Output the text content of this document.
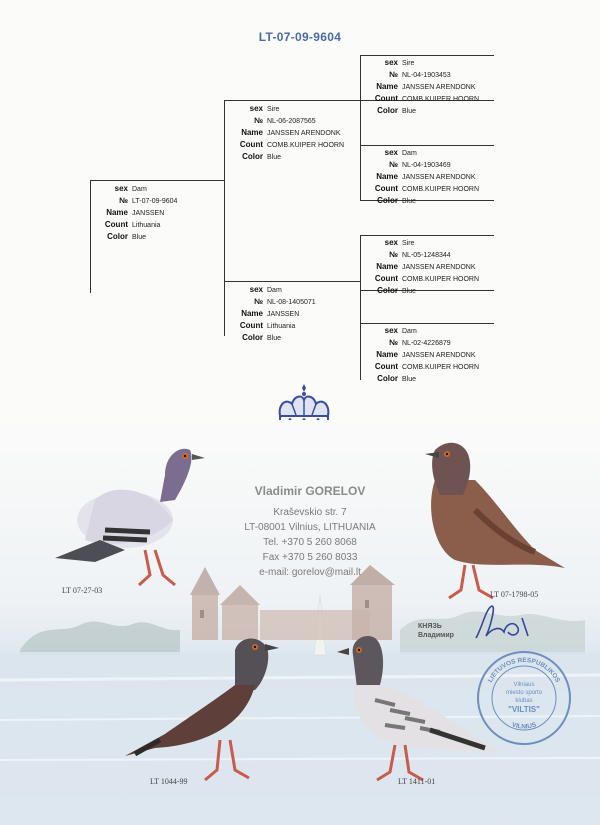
LT-07-09-9604
sex Dam
№ LT-07-09-9604
Name JANSSEN
Count Lithuania
Color Blue
sex Sire
№ NL-06-2087565
Name JANSSEN ARENDONK
Count COMB.KUIPER HOORN
Color Blue
sex Dam
№ NL-08-1405071
Name JANSSEN
Count Lithuania
Color Blue
sex Sire
№ NL-04-1903453
Name JANSSEN ARENDONK
Count COMB.KUIPER HOORN
Color Blue
sex Dam
№ NL-04-1903469
Name JANSSEN ARENDONK
Count COMB.KUIPER HOORN
Color Blue
sex Sire
№ NL-05-1248344
Name JANSSEN ARENDONK
Count COMB.KUIPER HOORN
Color Blue
sex Dam
№ NL-02-4226879
Name JANSSEN ARENDONK
Count COMB.KUIPER HOORN
Color Blue
Vladimir GORELOV
Kraševskio str. 7
LT-08001 Vilnius, LITHUANIA
Tel. +370 5 260 8068
Fax +370 5 260 8033
e-mail: gorelov@mail.lt
LT 07-27-03	LT 07-1798-05
LT 1044-99	LT 1411-01
КНЯЗЬ
Владимир
LIETUVOS RESPUBLIKOS
VILNIUS
Vilniaus
miesto sporto
klubas
"VILTIS"
